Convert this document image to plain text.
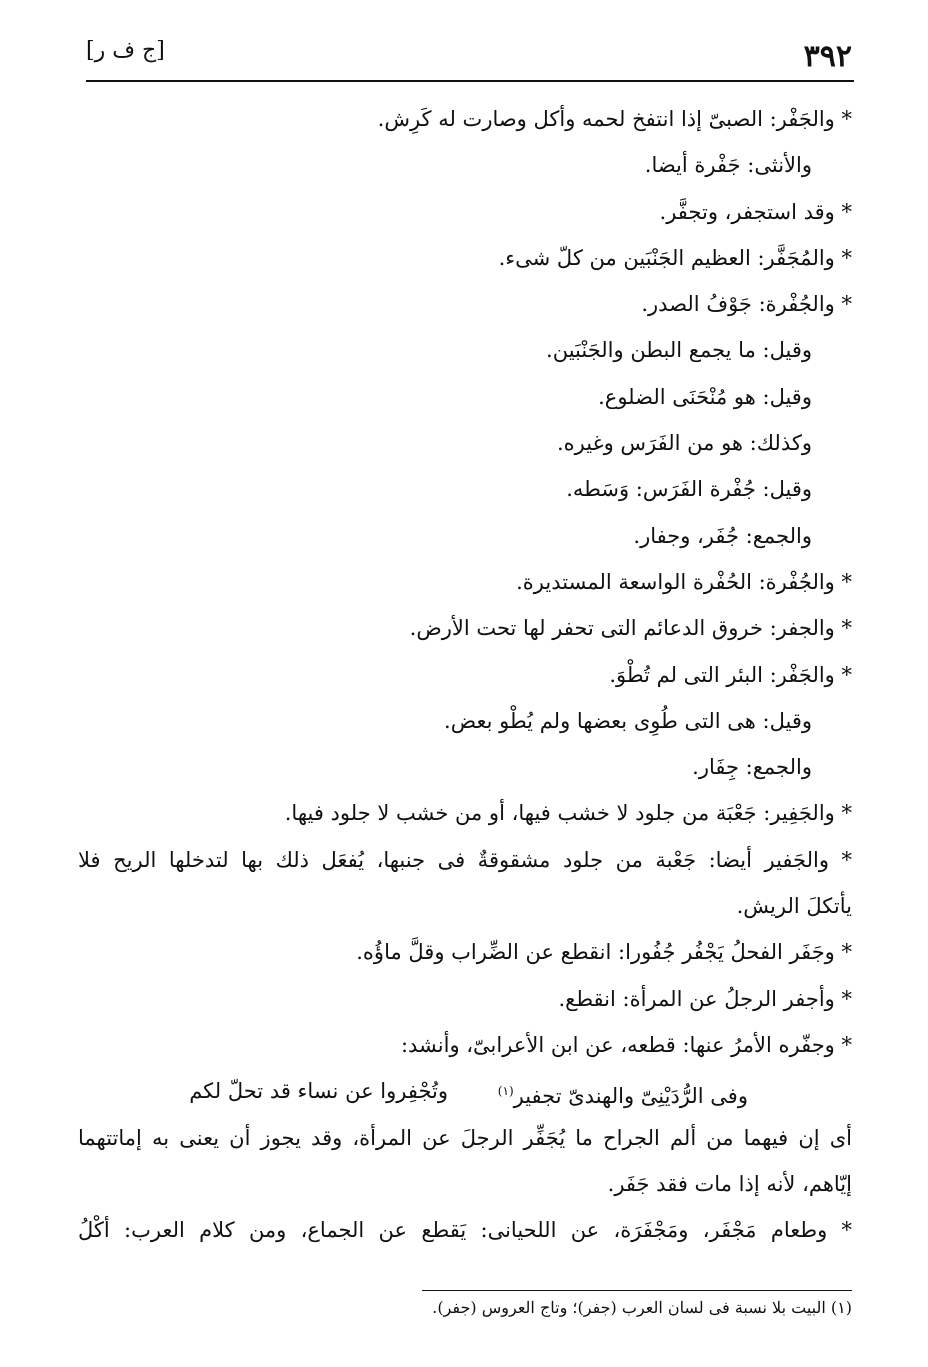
٣٩٢
[ج ف ر]
* والجَفْر: الصبىّ إذا انتفخ لحمه وأكل وصارت له كَرِش.
والأنثى: جَفْرة أيضا.
* وقد استجفر، وتجفَّر.
* والمُجَفَّر: العظيم الجَنْبَين من كلّ شىء.
* والجُفْرة: جَوْفُ الصدر.
وقيل: ما يجمع البطن والجَنْبَين.
وقيل: هو مُنْحَنَى الضلوع.
وكذلك: هو من الفَرَس وغيره.
وقيل: جُفْرة الفَرَس: وَسَطه.
والجمع: جُفَر، وجفار.
* والجُفْرة: الحُفْرة الواسعة المستديرة.
* والجفر: خروق الدعائم التى تحفر لها تحت الأرض.
* والجَفْر: البئر التى لم تُطْوَ.
وقيل: هى التى طُوِى بعضها ولم يُطْو بعض.
والجمع: جِفَار.
* والجَفِير: جَعْبَة من جلود لا خشب فيها، أو من خشب لا جلود فيها.
* والجَفير أيضا: جَعْبة من جلود مشقوقةٌ فى جنبها، يُفعَل ذلك بها لتدخلها الريح فلا
يأتكلَ الريش.
* وجَفَر الفحلُ يَجْفُر جُفُورا: انقطع عن الضِّراب وقلَّ ماؤُه.
* وأجفر الرجلُ عن المرأة: انقطع.
* وجفّره الأمرُ عنها: قطعه، عن ابن الأعرابىّ، وأنشد:
وفى الرُّدَيْنِىّ والهندىّ تجفير$^{(١)}$
وتُجْفِروا عن نساء قد تحلّ لكم
أى إن فيهما من ألم الجراح ما يُجَفِّر الرجلَ عن المرأة، وقد يجوز أن يعنى به إماتتهما
إيّاهم، لأنه إذا مات فقد جَفَر.
* وطعام مَجْفَر، ومَجْفَرَة، عن اللحيانى: يَقطع عن الجماع، ومن كلام العرب: أكْلُ
(١) البيت بلا نسبة فى لسان العرب (جفر)؛ وتاج العروس (جفر).
